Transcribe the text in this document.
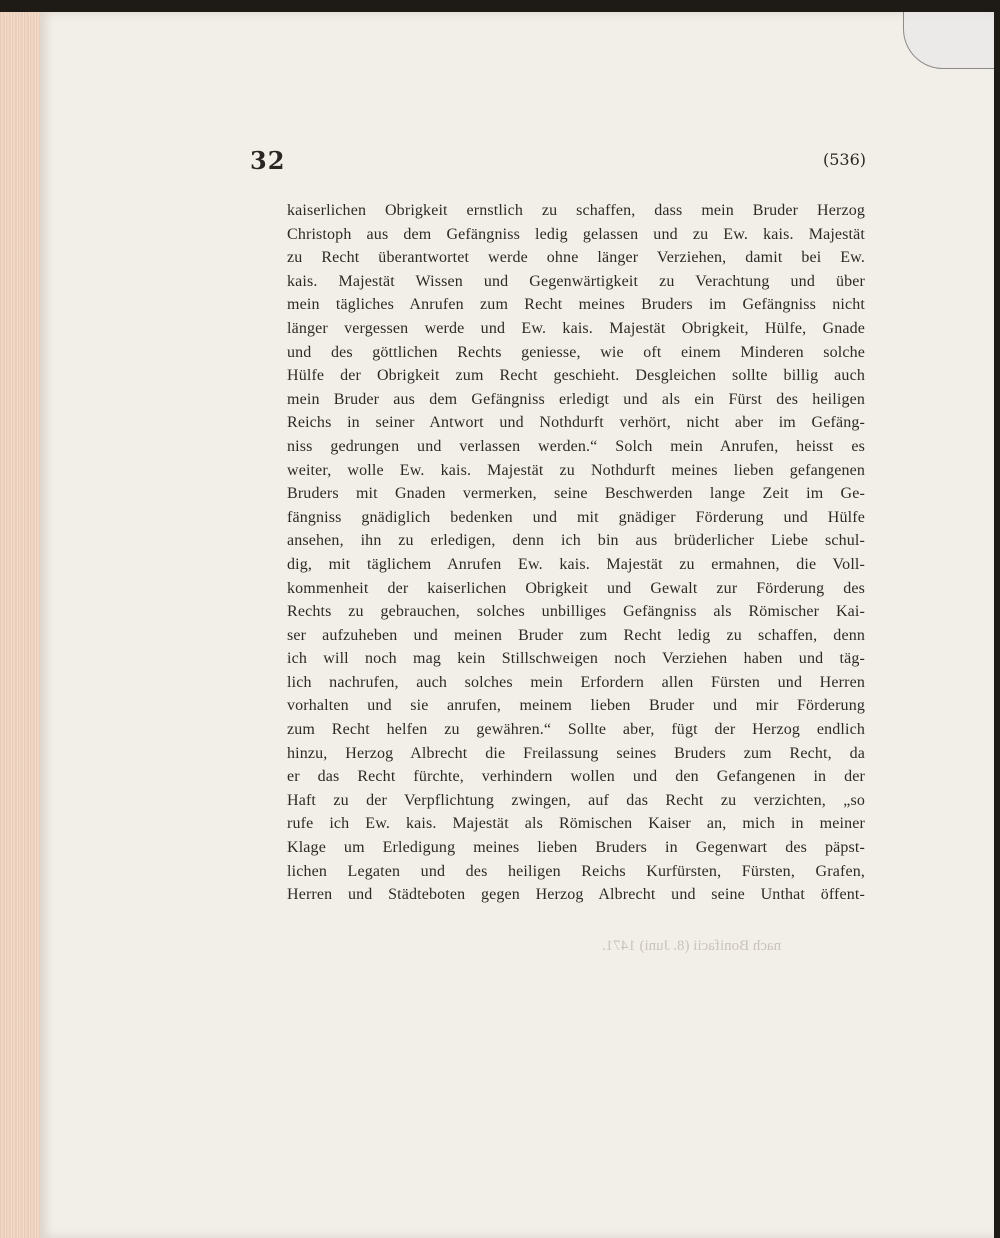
32	(536)
kaiserlichen Obrigkeit ernstlich zu schaffen, dass mein Bruder Herzog
Christoph aus dem Gefängniss ledig gelassen und zu Ew. kais. Majestät
zu Recht überantwortet werde ohne länger Verziehen, damit bei Ew.
kais. Majestät Wissen und Gegenwärtigkeit zu Verachtung und über
mein tägliches Anrufen zum Recht meines Bruders im Gefängniss nicht
länger vergessen werde und Ew. kais. Majestät Obrigkeit, Hülfe, Gnade
und des göttlichen Rechts geniesse, wie oft einem Minderen solche
Hülfe der Obrigkeit zum Recht geschieht. Desgleichen sollte billig auch
mein Bruder aus dem Gefängniss erledigt und als ein Fürst des heiligen
Reichs in seiner Antwort und Nothdurft verhört, nicht aber im Gefäng-
niss gedrungen und verlassen werden.“ Solch mein Anrufen, heisst es
weiter, wolle Ew. kais. Majestät zu Nothdurft meines lieben gefangenen
Bruders mit Gnaden vermerken, seine Beschwerden lange Zeit im Ge-
fängniss gnädiglich bedenken und mit gnädiger Förderung und Hülfe
ansehen, ihn zu erledigen, denn ich bin aus brüderlicher Liebe schul-
dig, mit täglichem Anrufen Ew. kais. Majestät zu ermahnen, die Voll-
kommenheit der kaiserlichen Obrigkeit und Gewalt zur Förderung des
Rechts zu gebrauchen, solches unbilliges Gefängniss als Römischer Kai-
ser aufzuheben und meinen Bruder zum Recht ledig zu schaffen, denn
ich will noch mag kein Stillschweigen noch Verziehen haben und täg-
lich nachrufen, auch solches mein Erfordern allen Fürsten und Herren
vorhalten und sie anrufen, meinem lieben Bruder und mir Förderung
zum Recht helfen zu gewähren.“ Sollte aber, fügt der Herzog endlich
hinzu, Herzog Albrecht die Freilassung seines Bruders zum Recht, da
er das Recht fürchte, verhindern wollen und den Gefangenen in der
Haft zu der Verpflichtung zwingen, auf das Recht zu verzichten, „so
rufe ich Ew. kais. Majestät als Römischen Kaiser an, mich in meiner
Klage um Erledigung meines lieben Bruders in Gegenwart des päpst-
lichen Legaten und des heiligen Reichs Kurfürsten, Fürsten, Grafen,
Herren und Städteboten gegen Herzog Albrecht und seine Unthat öffent-
nach Bonifacii (8. Juni) 1471.
